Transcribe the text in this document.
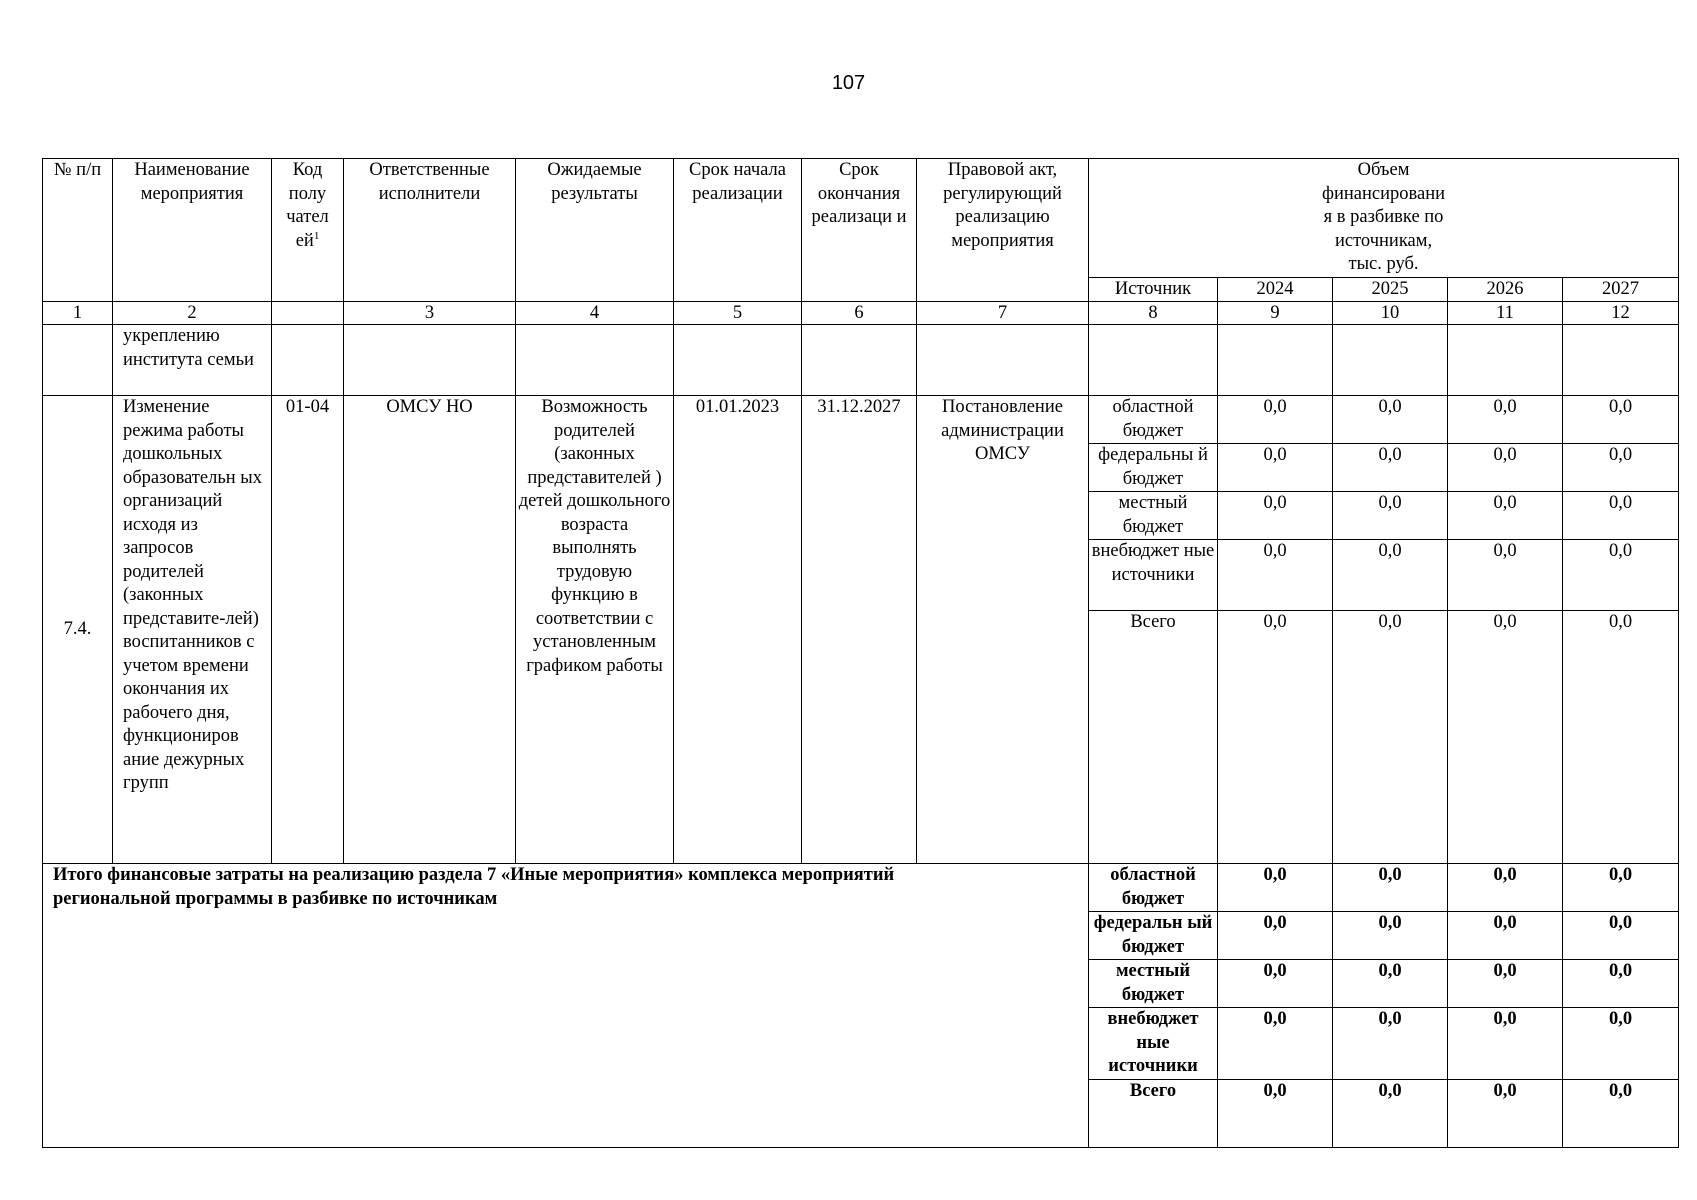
107
№ п/п	Наименование мероприятия	Код полу чател $ей^1$	Ответственные исполнители	Ожидаемые результаты	Срок начала реализации	Срок окончания реализаци и	Правовой акт, регулирующий реализацию мероприятия	Объем финансирования в разбивке по источникам, тыс. руб.				
								Источник	2024	2025	2026	2027
1	2		3	4	5	6	7	8	9	10	11	12
	укреплению института семьи											
7.4.	Изменение режима работы дошкольных образовательн ых организаций исходя из запросов родителей (законных представите-лей) воспитанников с учетом времени окончания их рабочего дня, функциониров ание дежурных групп	01-04	ОМСУ НО	Возможность родителей (законных представителей ) детей дошкольного возраста выполнять трудовую функцию в соответствии с установленным графиком работы	01.01.2023	31.12.2027	Постановление администрации ОМСУ	областной бюджет	0,0	0,0	0,0	0,0
								федеральны й бюджет	0,0	0,0	0,0	0,0
								местный бюджет	0,0	0,0	0,0	0,0
								внебюджет ные источники	0,0	0,0	0,0	0,0
								Всего	0,0	0,0	0,0	0,0
Итого финансовые затраты на реализацию раздела 7 «Иные мероприятия» комплекса мероприятий региональной программы в разбивке по источникам								областной бюджет	0,0	0,0	0,0	0,0
								федеральн ый бюджет	0,0	0,0	0,0	0,0
								местный бюджет	0,0	0,0	0,0	0,0
								внебюджет ные источники	0,0	0,0	0,0	0,0
								Всего	0,0	0,0	0,0	0,0
